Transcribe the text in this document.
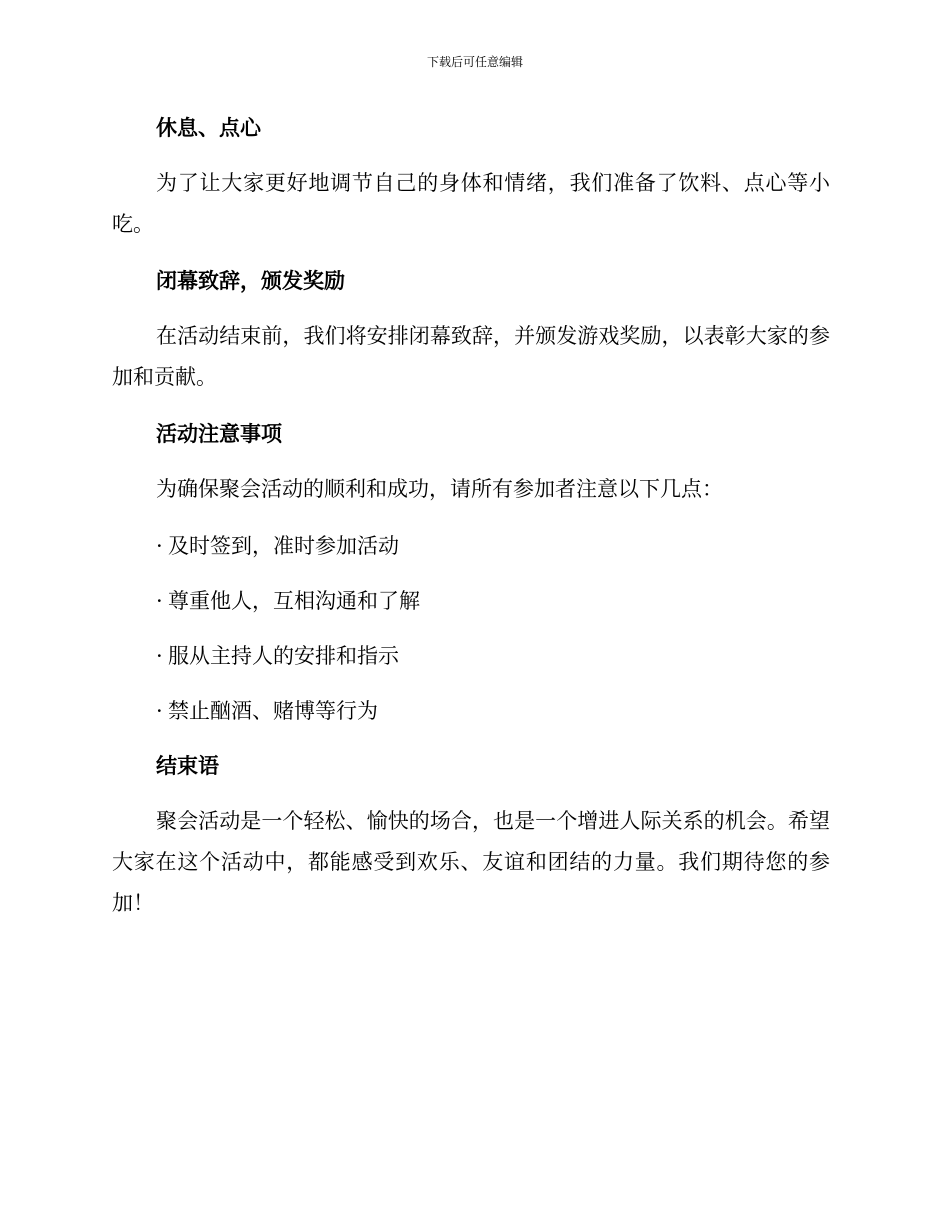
下载后可任意编辑
休息、点心

为了让大家更好地调节自己的身体和情绪，我们准备了饮料、点心等小吃。

闭幕致辞，颁发奖励

在活动结束前，我们将安排闭幕致辞，并颁发游戏奖励，以表彰大家的参加和贡献。

活动注意事项

为确保聚会活动的顺利和成功，请所有参加者注意以下几点：

· 及时签到，准时参加活动
· 尊重他人，互相沟通和了解
· 服从主持人的安排和指示
· 禁止酗酒、赌博等行为
结束语

聚会活动是一个轻松、愉快的场合，也是一个增进人际关系的机会。希望大家在这个活动中，都能感受到欢乐、友谊和团结的力量。我们期待您的参加！
